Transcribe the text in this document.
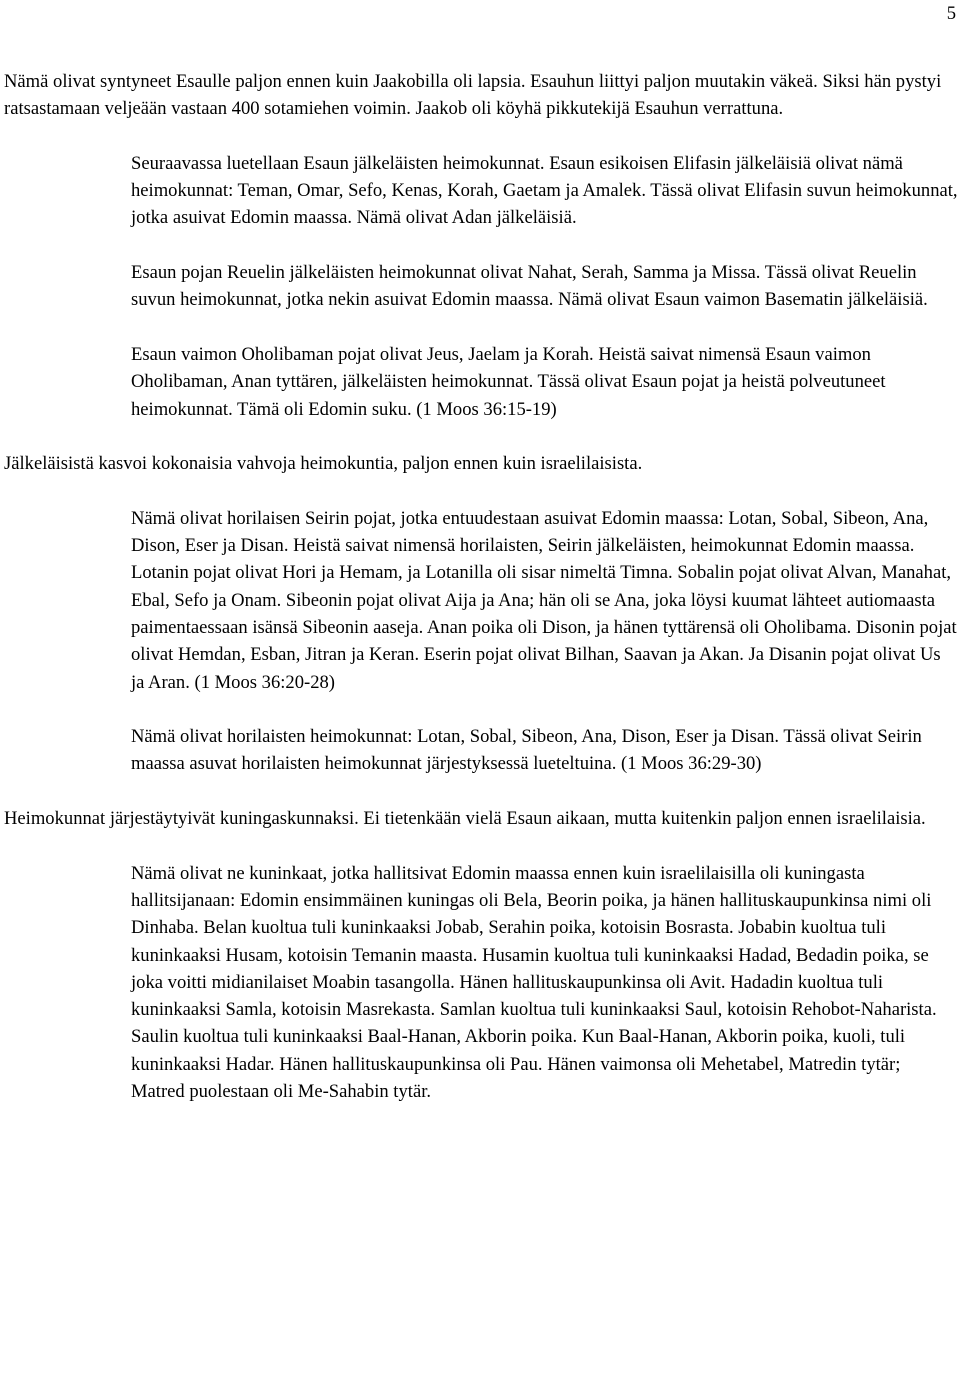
5

Nämä olivat syntyneet Esaulle paljon ennen kuin Jaakobilla oli lapsia. Esauhun liittyi paljon muutakin väkeä. Siksi hän pystyi ratsastamaan veljeään vastaan 400 sotamiehen voimin. Jaakob oli köyhä pikkutekijä Esauhun verrattuna.

Seuraavassa luetellaan Esaun jälkeläisten heimokunnat. Esaun esikoisen Elifasin jälkeläisiä olivat nämä heimokunnat: Teman, Omar, Sefo, Kenas, Korah, Gaetam ja Amalek. Tässä olivat Elifasin suvun heimokunnat, jotka asuivat Edomin maassa. Nämä olivat Adan jälkeläisiä.

Esaun pojan Reuelin jälkeläisten heimokunnat olivat Nahat, Serah, Samma ja Missa. Tässä olivat Reuelin suvun heimokunnat, jotka nekin asuivat Edomin maassa. Nämä olivat Esaun vaimon Basematin jälkeläisiä.

Esaun vaimon Oholibaman pojat olivat Jeus, Jaelam ja Korah. Heistä saivat nimensä Esaun vaimon Oholibaman, Anan tyttären, jälkeläisten heimokunnat. Tässä olivat Esaun pojat ja heistä polveutuneet heimokunnat. Tämä oli Edomin suku. (1 Moos 36:15-19)

Jälkeläisistä kasvoi kokonaisia vahvoja heimokuntia, paljon ennen kuin israelilaisista.

Nämä olivat horilaisen Seirin pojat, jotka entuudestaan asuivat Edomin maassa: Lotan, Sobal, Sibeon, Ana, Dison, Eser ja Disan. Heistä saivat nimensä horilaisten, Seirin jälkeläisten, heimokunnat Edomin maassa. Lotanin pojat olivat Hori ja Hemam, ja Lotanilla oli sisar nimeltä Timna. Sobalin pojat olivat Alvan, Manahat, Ebal, Sefo ja Onam. Sibeonin pojat olivat Aija ja Ana; hän oli se Ana, joka löysi kuumat lähteet autiomaasta paimentaessaan isänsä Sibeonin aaseja. Anan poika oli Dison, ja hänen tyttärensä oli Oholibama. Disonin pojat olivat Hemdan, Esban, Jitran ja Keran. Eserin pojat olivat Bilhan, Saavan ja Akan. Ja Disanin pojat olivat Us ja Aran. (1 Moos 36:20-28)

Nämä olivat horilaisten heimokunnat: Lotan, Sobal, Sibeon, Ana, Dison, Eser ja Disan. Tässä olivat Seirin maassa asuvat horilaisten heimokunnat järjestyksessä lueteltuina. (1 Moos 36:29-30)

Heimokunnat järjestäytyivät kuningaskunnaksi. Ei tietenkään vielä Esaun aikaan, mutta kuitenkin paljon ennen israelilaisia.

Nämä olivat ne kuninkaat, jotka hallitsivat Edomin maassa ennen kuin israelilaisilla oli kuningasta hallitsijanaan: Edomin ensimmäinen kuningas oli Bela, Beorin poika, ja hänen hallituskaupunkinsa nimi oli Dinhaba. Belan kuoltua tuli kuninkaaksi Jobab, Serahin poika, kotoisin Bosrasta. Jobabin kuoltua tuli kuninkaaksi Husam, kotoisin Temanin maasta. Husamin kuoltua tuli kuninkaaksi Hadad, Bedadin poika, se joka voitti midianilaiset Moabin tasangolla. Hänen hallituskaupunkinsa oli Avit. Hadadin kuoltua tuli kuninkaaksi Samla, kotoisin Masrekasta. Samlan kuoltua tuli kuninkaaksi Saul, kotoisin Rehobot-Naharista. Saulin kuoltua tuli kuninkaaksi Baal-Hanan, Akborin poika. Kun Baal-Hanan, Akborin poika, kuoli, tuli kuninkaaksi Hadar. Hänen hallituskaupunkinsa oli Pau. Hänen vaimonsa oli Mehetabel, Matredin tytär; Matred puolestaan oli Me-Sahabin tytär.
